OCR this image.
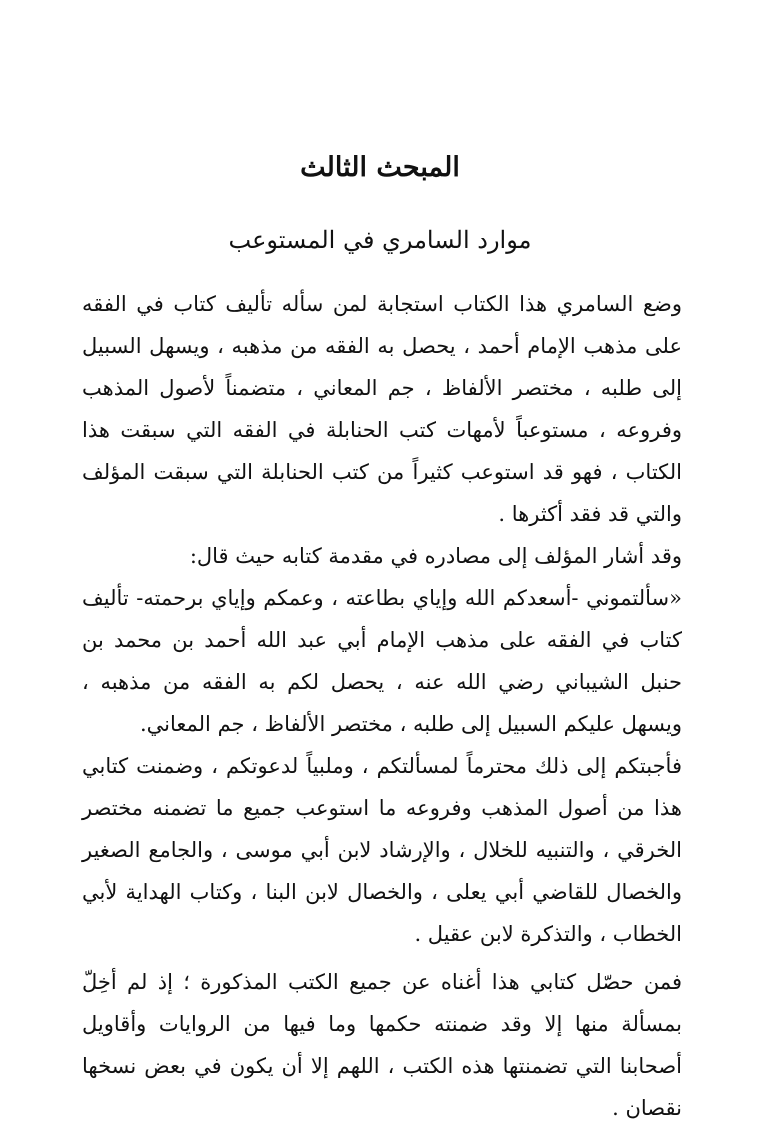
المبحث الثالث
موارد السامري في المستوعب

وضع السامري هذا الكتاب استجابة لمن سأله تأليف كتاب في الفقه على مذهب الإمام أحمد ، يحصل به الفقه من مذهبه ، ويسهل السبيل إلى طلبه ، مختصر الألفاظ ، جم المعاني ، متضمناً لأصول المذهب وفروعه ، مستوعباً لأمهات كتب الحنابلة في الفقه التي سبقت هذا الكتاب ، فهو قد استوعب كثيراً من كتب الحنابلة التي سبقت المؤلف والتي قد فقد أكثرها .

وقد أشار المؤلف إلى مصادره في مقدمة كتابه حيث قال:

«سألتموني -أسعدكم الله وإياي بطاعته ، وعمكم وإياي برحمته- تأليف كتاب في الفقه على مذهب الإمام أبي عبد الله أحمد بن محمد بن حنبل الشيباني رضي الله عنه ، يحصل لكم به الفقه من مذهبه ، ويسهل عليكم السبيل إلى طلبه ، مختصر الألفاظ ، جم المعاني.

فأجبتكم إلى ذلك محترماً لمسألتكم ، وملبياً لدعوتكم ، وضمنت كتابي هذا من أصول المذهب وفروعه ما استوعب جميع ما تضمنه مختصر الخرقي ، والتنبيه للخلال ، والإرشاد لابن أبي موسى ، والجامع الصغير والخصال للقاضي أبي يعلى ، والخصال لابن البنا ، وكتاب الهداية لأبي الخطاب ، والتذكرة لابن عقيل .

فمن حصّل كتابي هذا أغناه عن جميع الكتب المذكورة ؛ إذ لم أخِلّ بمسألة منها إلا وقد ضمنته حكمها وما فيها من الروايات وأقاويل أصحابنا التي تضمنتها هذه الكتب ، اللهم إلا أن يكون في بعض نسخها نقصان .
